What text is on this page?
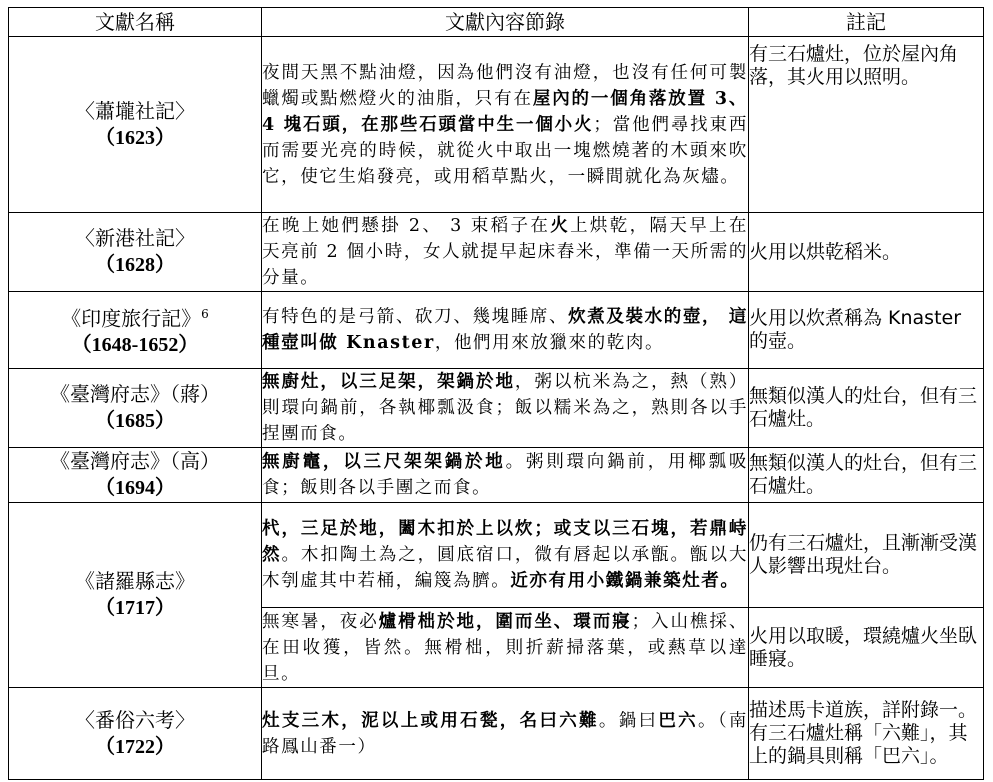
文獻名稱	文獻內容節錄	註記
〈蕭壠社記〉
（1623）	夜間天黑不點油燈，因為他們沒有油燈，也沒有任何可製蠟燭或點燃燈火的油脂，只有在屋內的一個角落放置 3、4 塊石頭，在那些石頭當中生一個小火；當他們尋找東西而需要光亮的時候，就從火中取出一塊燃燒著的木頭來吹它，使它生焰發亮，或用稻草點火，一瞬間就化為灰燼。	有三石爐灶，位於屋內角落，其火用以照明。
〈新港社記〉
（1628）	在晚上她們懸掛 2、 3 束稻子在火上烘乾，隔天早上在天亮前 2 個小時，女人就提早起床舂米，準備一天所需的分量。	火用以烘乾稻米。
《印度旅行記》$^6$
（1648-1652）	有特色的是弓箭、砍刀、幾塊睡席、炊煮及裝水的壺， 這種壺叫做 Knaster，他們用來放獵來的乾肉。	火用以炊煮稱為 Knaster 的壺。
《臺灣府志》（蔣）
（1685）	無廚灶，以三足架，架鍋於地，粥以杭米為之，熱（熟）則環向鍋前，各執椰瓢汲食；飯以糯米為之，熟則各以手捏團而食。	無類似漢人的灶台，但有三石爐灶。
《臺灣府志》（高）
（1694）	無廚竈，以三尺架架鍋於地。粥則環向鍋前，用椰瓢吸食；飯則各以手團之而食。	無類似漢人的灶台，但有三石爐灶。
《諸羅縣志》
（1717）	杙，三足於地，闔木扣於上以炊；或支以三石塊，若鼎峙然。木扣陶土為之，圓底宿口，微有唇起以承甑。甑以大木刳虛其中若桶，編篾為臍。近亦有用小鐵鍋兼築灶者。	仍有三石爐灶，且漸漸受漢人影響出現灶台。
	無寒暑，夜必爐榾柮於地，圍而坐、環而寢；入山樵採、在田收獲，皆然。無榾柮，則折薪掃落葉，或爇草以達旦。	火用以取暖，環繞爐火坐臥睡寢。
〈番俗六考〉
（1722）	灶支三木，泥以上或用石甃，名曰六難。鍋曰巴六。（南路鳳山番一）	描述馬卡道族，詳附錄一。有三石爐灶稱「六難」，其上的鍋具則稱「巴六」。
